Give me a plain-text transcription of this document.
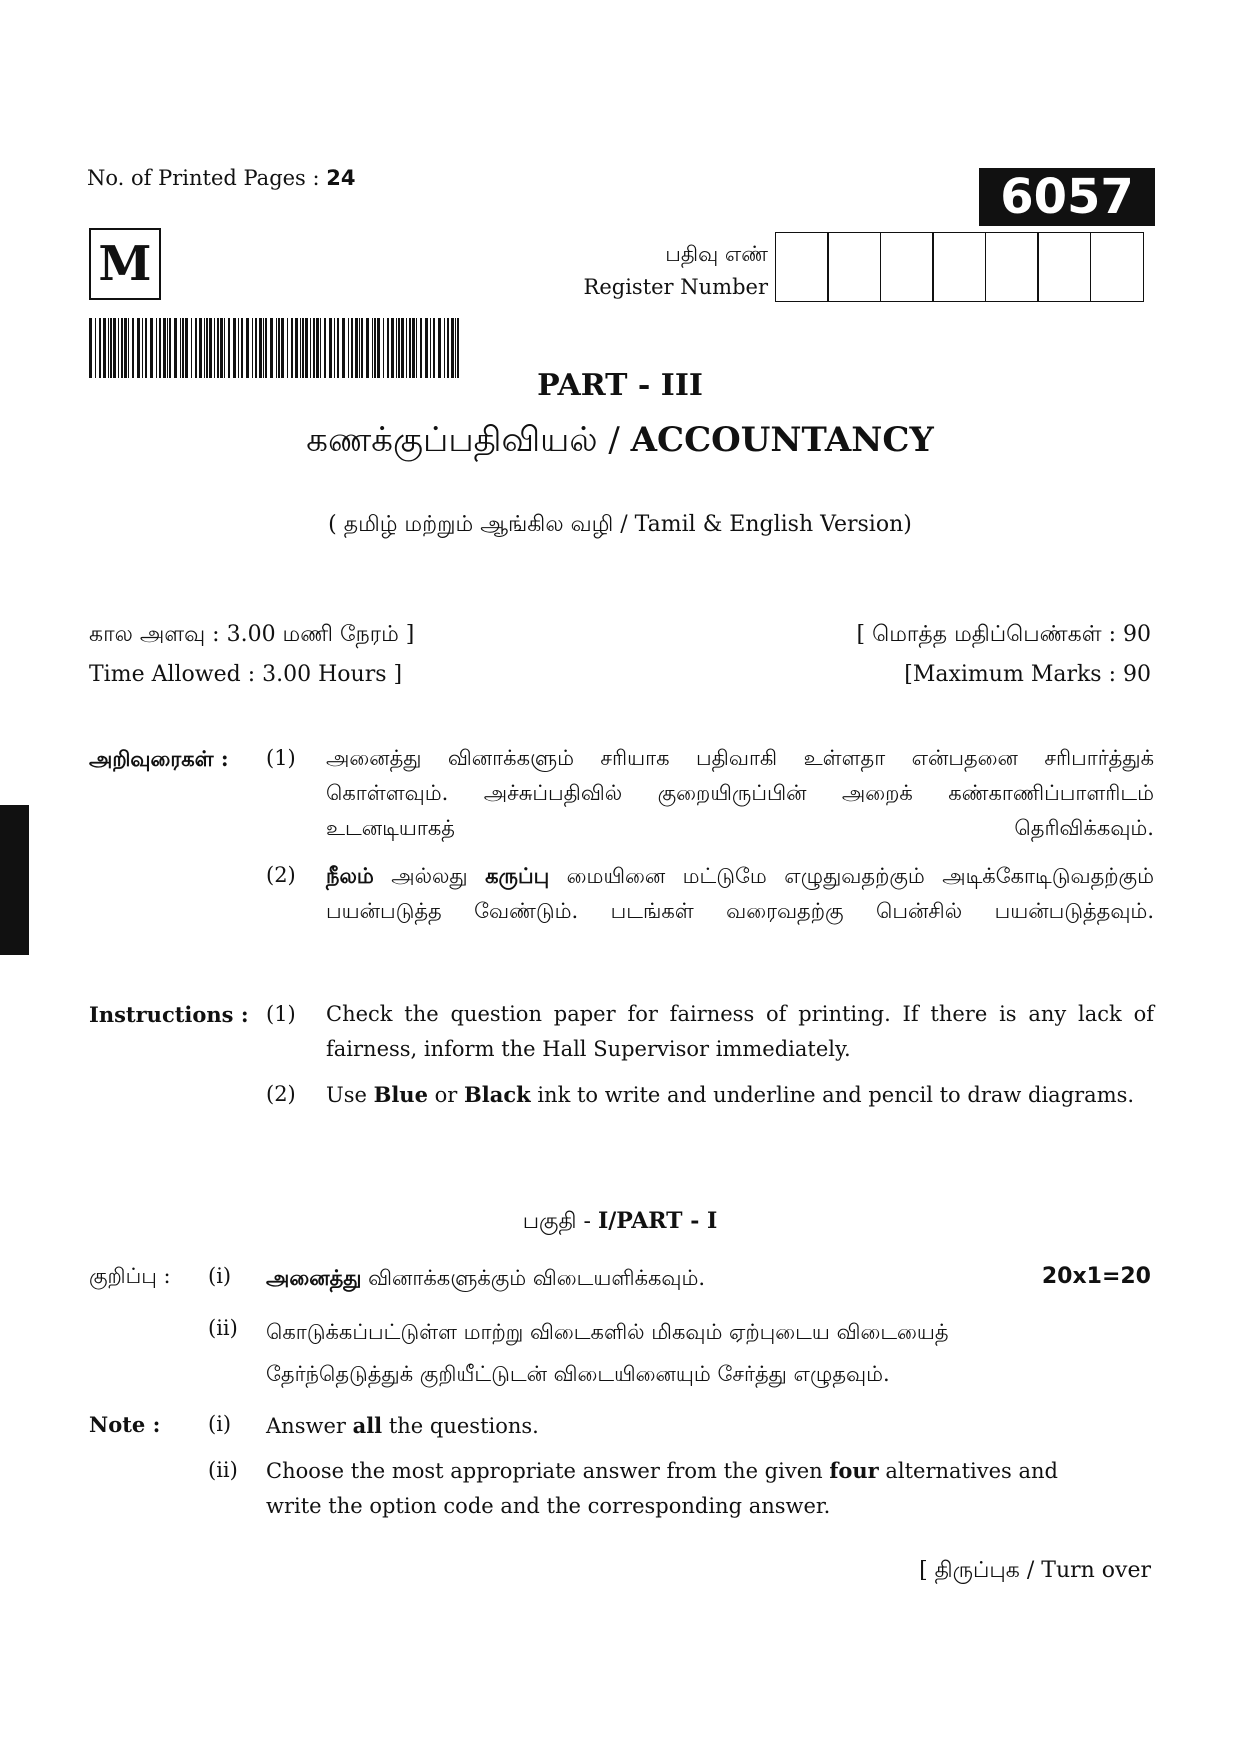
No. of Printed Pages : 24	6057
M	பதிவு எண்
Register Number
PART - III
கணக்குப்பதிவியல் / ACCOUNTANCY
( தமிழ் மற்றும் ஆங்கில வழி / Tamil & English Version)
கால அளவு : 3.00 மணி நேரம் ]
Time Allowed : 3.00 Hours ]
[ மொத்த மதிப்பெண்கள் : 90
[Maximum Marks : 90
அறிவுரைகள் : (1) அனைத்து வினாக்களும் சரியாக பதிவாகி உள்ளதா என்பதனை சரிபார்த்துக் கொள்ளவும். அச்சுப்பதிவில் குறையிருப்பின் அறைக் கண்காணிப்பாளரிடம் உடனடியாகத் தெரிவிக்கவும்.
(2) நீலம் அல்லது கருப்பு மையினை மட்டுமே எழுதுவதற்கும் அடிக்கோடிடுவதற்கும் பயன்படுத்த வேண்டும். படங்கள் வரைவதற்கு பென்சில் பயன்படுத்தவும்.
Instructions : (1) Check the question paper for fairness of printing. If there is any lack of fairness, inform the Hall Supervisor immediately.
(2) Use Blue or Black ink to write and underline and pencil to draw diagrams.
பகுதி - I/PART - I
குறிப்பு : (i) அனைத்து வினாக்களுக்கும் விடையளிக்கவும்.	20x1=20
(ii) கொடுக்கப்பட்டுள்ள மாற்று விடைகளில் மிகவும் ஏற்புடைய விடையைத் தேர்ந்தெடுத்துக் குறியீட்டுடன் விடையினையும் சேர்த்து எழுதவும்.
Note : (i) Answer all the questions.
(ii) Choose the most appropriate answer from the given four alternatives and write the option code and the corresponding answer.
[ திருப்புக / Turn over
